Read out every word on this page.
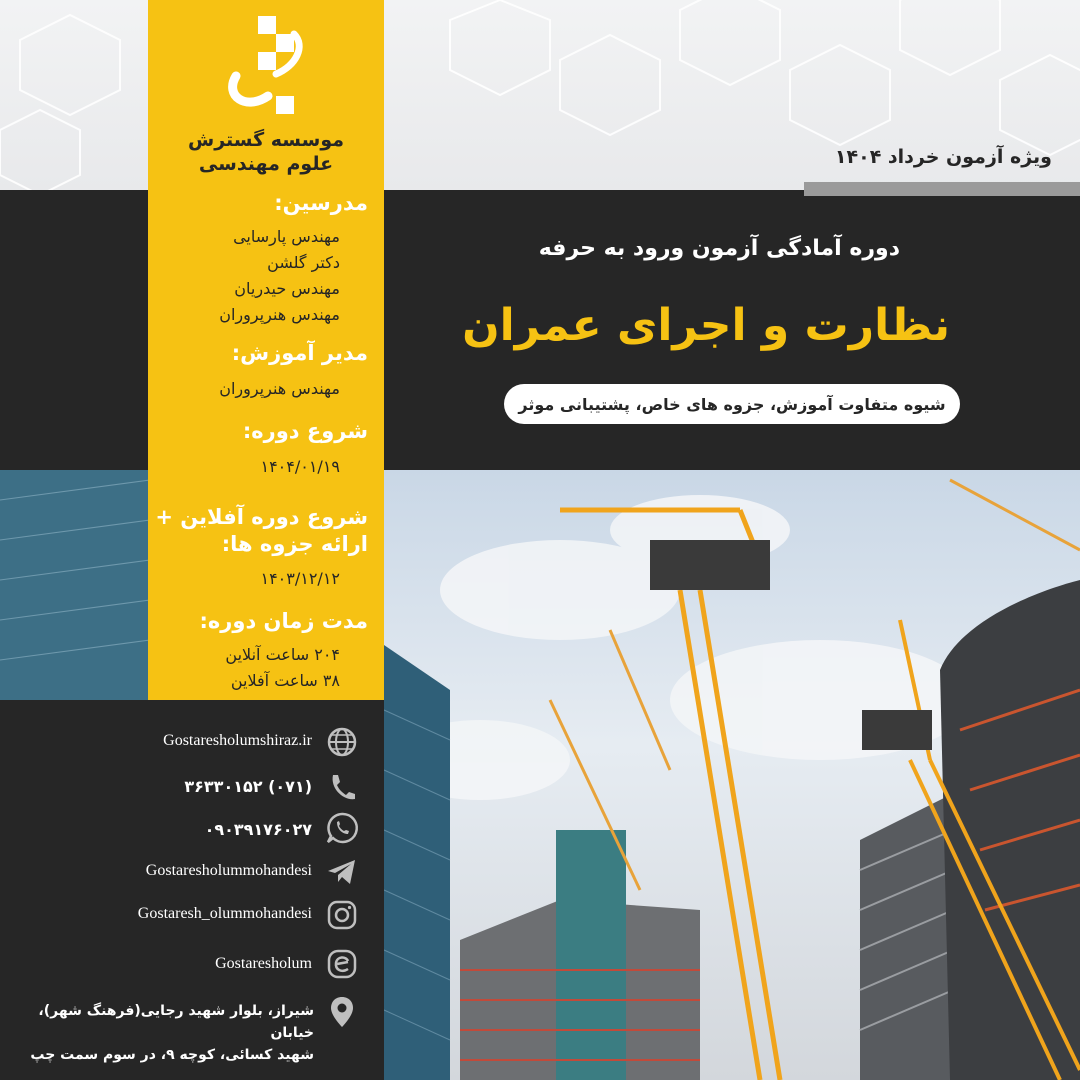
موسسه گسترش
علوم مهندسی
مدرسین:
مهندس پارسایی
دکتر گلشن
مهندس حیدریان
مهندس هنرپروران
مدیر آموزش:
مهندس هنرپروران
شروع دوره:
۱۴۰۴/۰۱/۱۹
شروع دوره آفلاین + ارائه جزوه ها:
۱۴۰۳/۱۲/۱۲
مدت زمان دوره:
۲۰۴ ساعت آنلاین
۳۸ ساعت آفلاین
ویژه آزمون خرداد ۱۴۰۴
دوره آمادگی آزمون ورود به حرفه
نظارت و اجرای عمران
شیوه متفاوت آموزش، جزوه های خاص، پشتیبانی موثر
Gostaresholumshiraz.ir
(۰۷۱) ۳۶۳۳۰۱۵۲
۰۹۰۳۹۱۷۶۰۲۷
Gostaresholummohandesi
Gostaresh_olummohandesi
Gostaresholum
شیراز، بلوار شهید رجایی(فرهنگ شهر)، خیابان
شهید کسائی، کوچه ۹، در سوم سمت چپ
